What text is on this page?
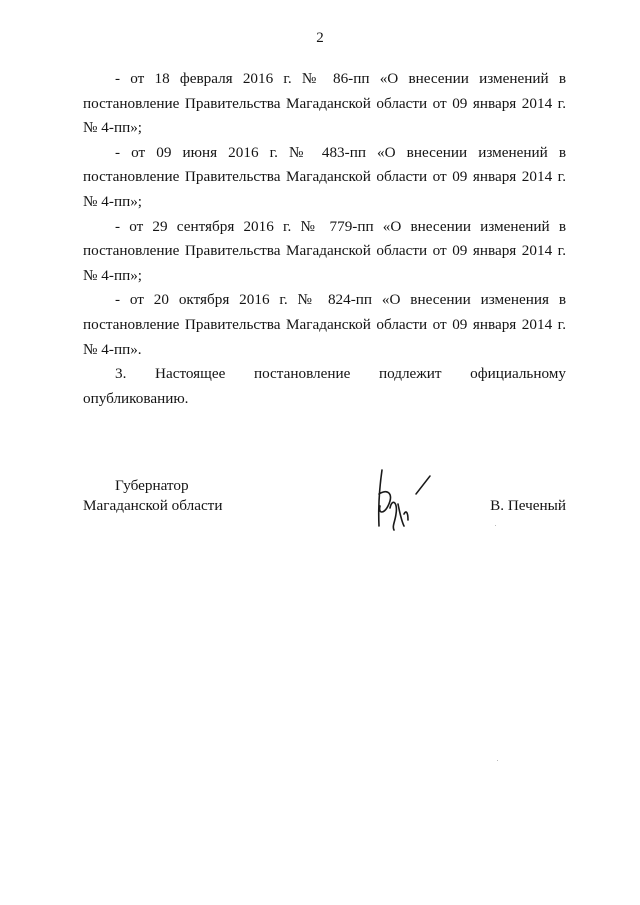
2

- от 18 февраля 2016 г. № 86-пп «О внесении изменений в постановление Правительства Магаданской области от 09 января 2014 г. № 4-пп»;

- от 09 июня 2016 г. № 483-пп «О внесении изменений в постановление Правительства Магаданской области от 09 января 2014 г. № 4-пп»;

- от 29 сентября 2016 г. № 779-пп «О внесении изменений в постановление Правительства Магаданской области от 09 января 2014 г. № 4-пп»;

- от 20 октября 2016 г. № 824-пп «О внесении изменения в постановление Правительства Магаданской области от 09 января 2014 г. № 4-пп».

3. Настоящее постановление подлежит официальному опубликованию.

Губернатор
Магаданской области	В. Печеный
